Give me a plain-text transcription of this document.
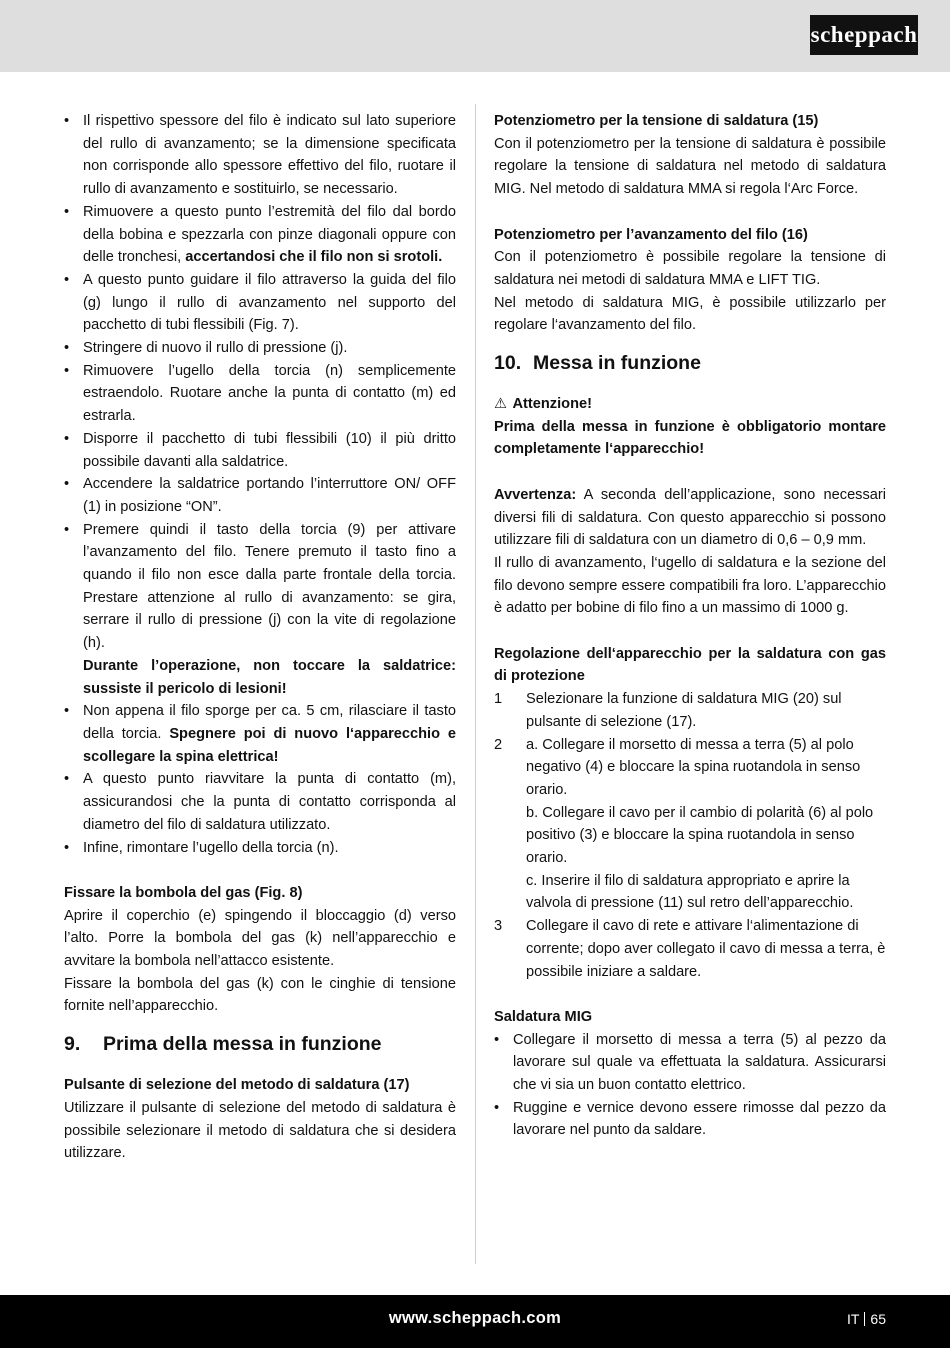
scheppach
• Il rispettivo spessore del filo è indicato sul lato superiore del rullo di avanzamento; se la dimensione specificata non corrisponde allo spessore effettivo del filo, ruotare il rullo di avanzamento e sostituirlo, se necessario.
• Rimuovere a questo punto l’estremità del filo dal bordo della bobina e spezzarla con pinze diagonali oppure con delle tronchesi, accertandosi che il filo non si srotoli.
• A questo punto guidare il filo attraverso la guida del filo (g) lungo il rullo di avanzamento nel supporto del pacchetto di tubi flessibili (Fig. 7).
• Stringere di nuovo il rullo di pressione (j).
• Rimuovere l’ugello della torcia (n) semplicemente estraendolo. Ruotare anche la punta di contatto (m) ed estrarla.
• Disporre il pacchetto di tubi flessibili (10) il più dritto possibile davanti alla saldatrice.
• Accendere la saldatrice portando l’interruttore ON/ OFF (1) in posizione “ON”.
• Premere quindi il tasto della torcia (9) per attivare l’avanzamento del filo. Tenere premuto il tasto fino a quando il filo non esce dalla parte frontale della torcia. Prestare attenzione al rullo di avanzamento: se gira, serrare il rullo di pressione (j) con la vite di regolazione (h).
Durante l’operazione, non toccare la saldatrice: sussiste il pericolo di lesioni!
• Non appena il filo sporge per ca. 5 cm, rilasciare il tasto della torcia. Spegnere poi di nuovo l‘apparecchio e scollegare la spina elettrica!
• A questo punto riavvitare la punta di contatto (m), assicurandosi che la punta di contatto corrisponda al diametro del filo di saldatura utilizzato.
• Infine, rimontare l’ugello della torcia (n).

Fissare la bombola del gas (Fig. 8)

Aprire il coperchio (e) spingendo il bloccaggio (d) verso l’alto. Porre la bombola del gas (k) nell’apparecchio e avvitare la bombola nell’attacco esistente.

Fissare la bombola del gas (k) con le cinghie di tensione fornite nell’apparecchio.

9. Prima della messa in funzione

Pulsante di selezione del metodo di saldatura (17)

Utilizzare il pulsante di selezione del metodo di saldatura è possibile selezionare il metodo di saldatura che si desidera utilizzare.

Potenziometro per la tensione di saldatura (15)

Con il potenziometro per la tensione di saldatura è possibile regolare la tensione di saldatura nel metodo di saldatura MIG. Nel metodo di saldatura MMA si regola l‘Arc Force.

Potenziometro per l’avanzamento del filo (16)

Con il potenziometro è possibile regolare la tensione di saldatura nei metodi di saldatura MMA e LIFT TIG.

Nel metodo di saldatura MIG, è possibile utilizzarlo per regolare l‘avanzamento del filo.

10. Messa in funzione

⚠ Attenzione!

Prima della messa in funzione è obbligatorio montare completamente l‘apparecchio!

Avvertenza: A seconda dell’applicazione, sono necessari diversi fili di saldatura. Con questo apparecchio si possono utilizzare fili di saldatura con un diametro di 0,6 – 0,9 mm.

Il rullo di avanzamento, l‘ugello di saldatura e la sezione del filo devono sempre essere compatibili fra loro. L’apparecchio è adatto per bobine di filo fino a un massimo di 1000 g.

Regolazione dell‘apparecchio per la saldatura con gas di protezione

1 Selezionare la funzione di saldatura MIG (20) sul pulsante di selezione (17).
2 a. Collegare il morsetto di messa a terra (5) al polo negativo (4) e bloccare la spina ruotandola in senso orario.
b. Collegare il cavo per il cambio di polarità (6) al polo positivo (3) e bloccare la spina ruotandola in senso orario.
c. Inserire il filo di saldatura appropriato e aprire la valvola di pressione (11) sul retro dell’apparecchio.
3 Collegare il cavo di rete e attivare l‘alimentazione di corrente; dopo aver collegato il cavo di messa a terra, è possibile iniziare a saldare.

Saldatura MIG

• Collegare il morsetto di messa a terra (5) al pezzo da lavorare sul quale va effettuata la saldatura. Assicurarsi che vi sia un buon contatto elettrico.
• Ruggine e vernice devono essere rimosse dal pezzo da lavorare nel punto da saldare.
www.scheppach.com	IT 65
